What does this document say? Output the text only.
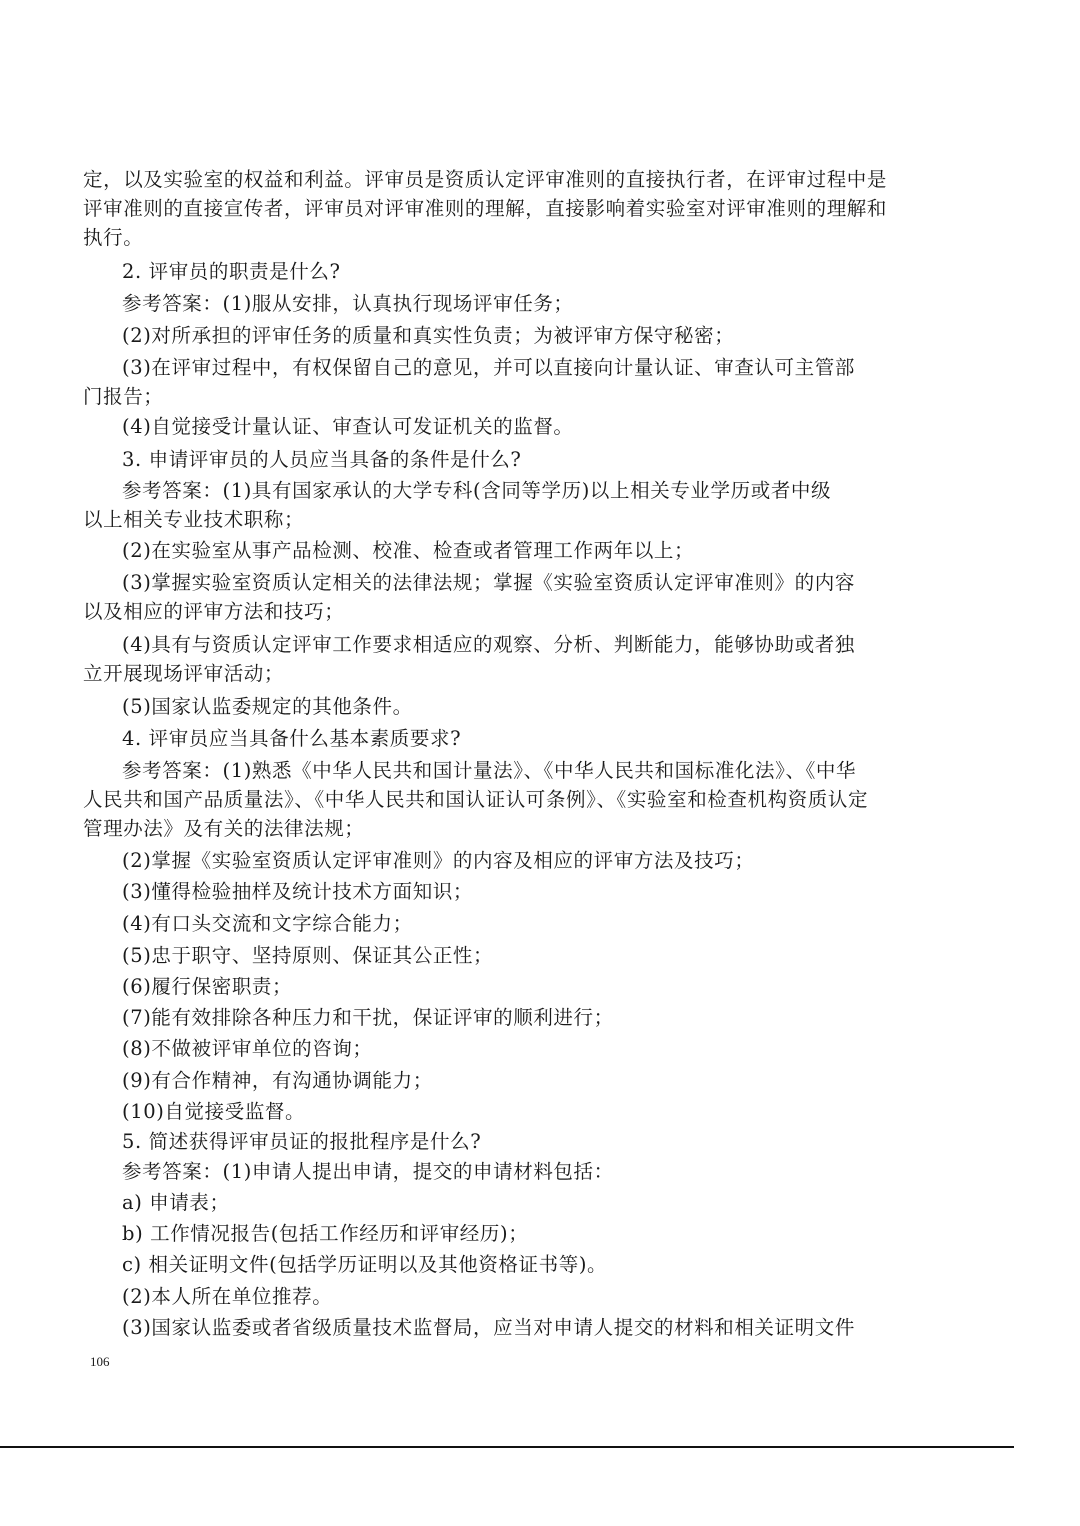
定，以及实验室的权益和利益。评审员是资质认定评审准则的直接执行者，在评审过程中是
评审准则的直接宣传者，评审员对评审准则的理解，直接影响着实验室对评审准则的理解和
执行。
2. 评审员的职责是什么?
参考答案：(1)服从安排，认真执行现场评审任务；
(2)对所承担的评审任务的质量和真实性负责；为被评审方保守秘密；
(3)在评审过程中，有权保留自己的意见，并可以直接向计量认证、审查认可主管部
门报告；
(4)自觉接受计量认证、审查认可发证机关的监督。
3. 申请评审员的人员应当具备的条件是什么?
参考答案：(1)具有国家承认的大学专科(含同等学历)以上相关专业学历或者中级
以上相关专业技术职称；
(2)在实验室从事产品检测、校准、检查或者管理工作两年以上；
(3)掌握实验室资质认定相关的法律法规；掌握《实验室资质认定评审准则》的内容
以及相应的评审方法和技巧；
(4)具有与资质认定评审工作要求相适应的观察、分析、判断能力，能够协助或者独
立开展现场评审活动；
(5)国家认监委规定的其他条件。
4. 评审员应当具备什么基本素质要求?
参考答案：(1)熟悉《中华人民共和国计量法》、《中华人民共和国标准化法》、《中华
人民共和国产品质量法》、《中华人民共和国认证认可条例》、《实验室和检查机构资质认定
管理办法》及有关的法律法规；
(2)掌握《实验室资质认定评审准则》的内容及相应的评审方法及技巧；
(3)懂得检验抽样及统计技术方面知识；
(4)有口头交流和文字综合能力；
(5)忠于职守、坚持原则、保证其公正性；
(6)履行保密职责；
(7)能有效排除各种压力和干扰，保证评审的顺利进行；
(8)不做被评审单位的咨询；
(9)有合作精神，有沟通协调能力；
(10)自觉接受监督。
5. 简述获得评审员证的报批程序是什么?
参考答案：(1)申请人提出申请，提交的申请材料包括：
a) 申请表；
b) 工作情况报告(包括工作经历和评审经历)；
c) 相关证明文件(包括学历证明以及其他资格证书等)。
(2)本人所在单位推荐。
(3)国家认监委或者省级质量技术监督局，应当对申请人提交的材料和相关证明文件
106
